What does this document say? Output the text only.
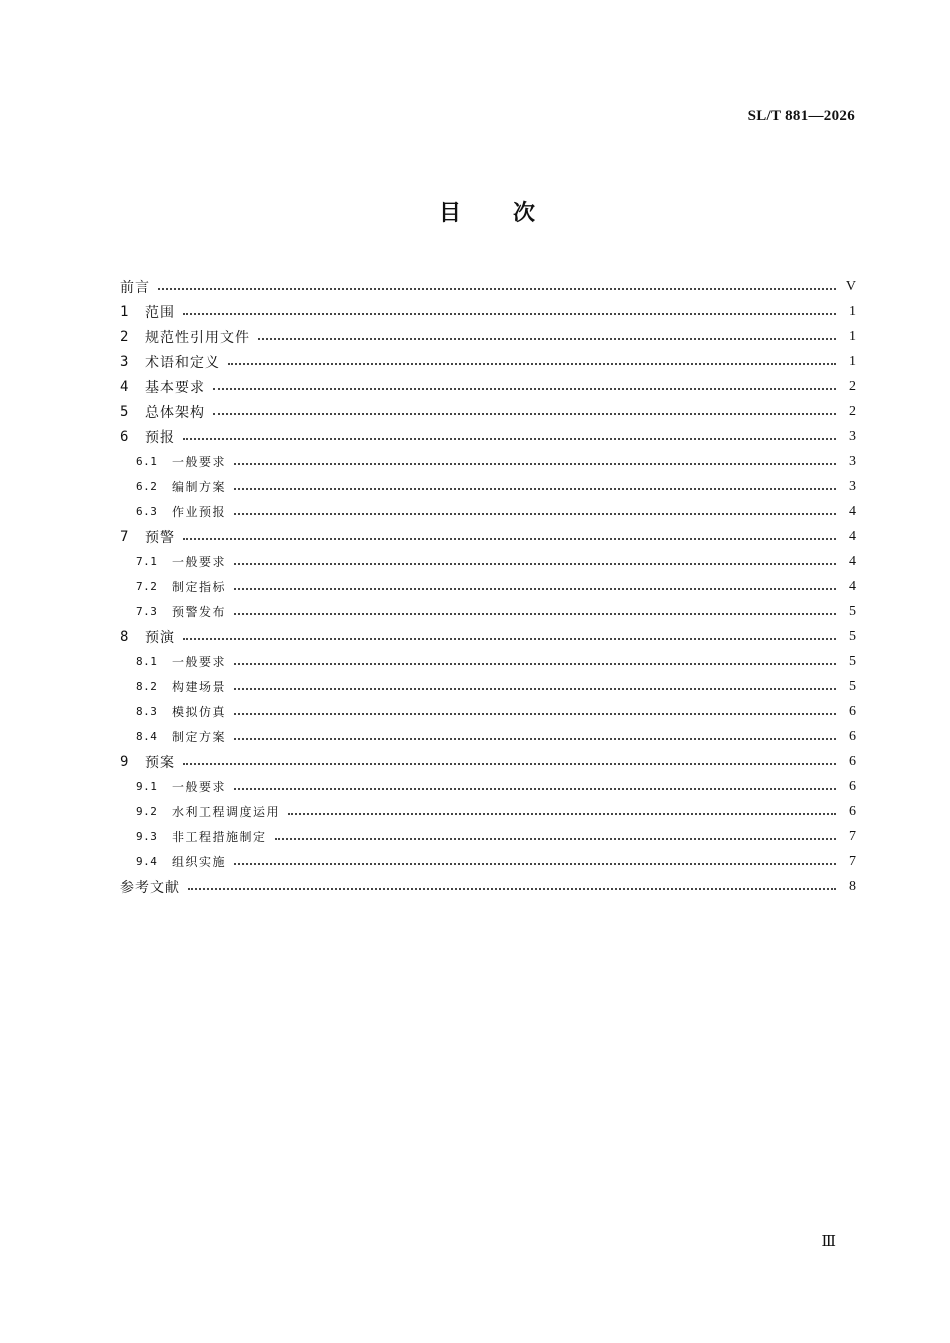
SL/T 881—2026
目 次
前言	V
1	范围	1
2	规范性引用文件	1
3	术语和定义	1
4	基本要求	2
5	总体架构	2
6	预报	3
6.1	一般要求	3
6.2	编制方案	3
6.3	作业预报	4
7	预警	4
7.1	一般要求	4
7.2	制定指标	4
7.3	预警发布	5
8	预演	5
8.1	一般要求	5
8.2	构建场景	5
8.3	模拟仿真	6
8.4	制定方案	6
9	预案	6
9.1	一般要求	6
9.2	水利工程调度运用	6
9.3	非工程措施制定	7
9.4	组织实施	7
参考文献	8
Ⅲ
